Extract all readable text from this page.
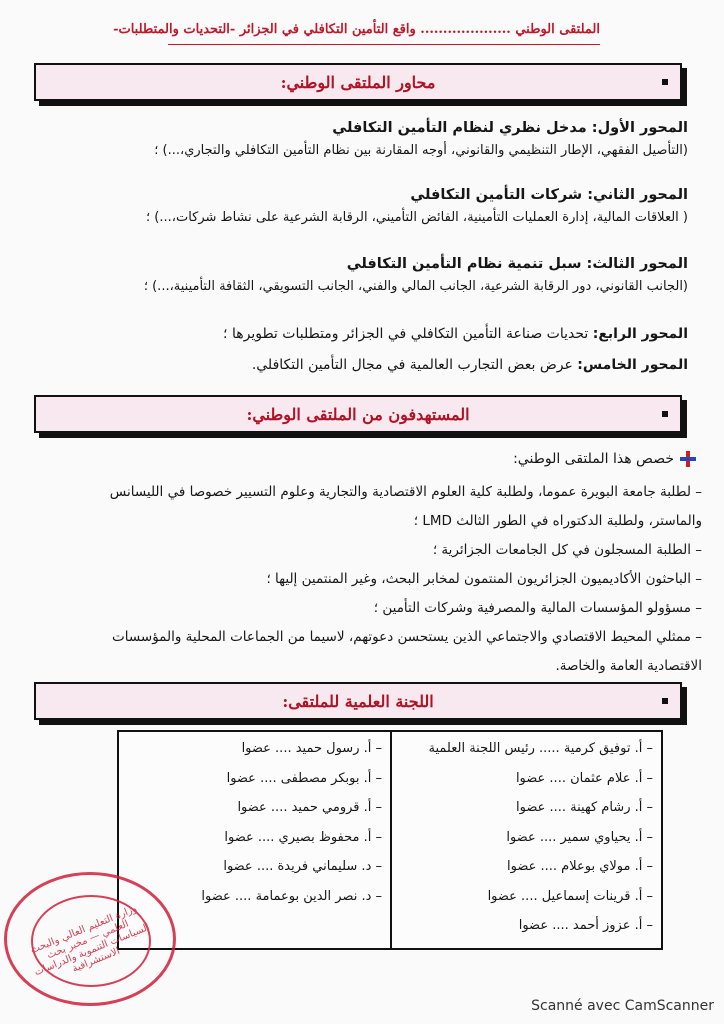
الملتقى الوطني .................... واقع التأمين التكافلي في الجزائر -التحديات والمتطلبات-
محاور الملتقى الوطني:

المحور الأول: مدخل نظري لنظام التأمين التكافلي

(التأصيل الفقهي، الإطار التنظيمي والقانوني، أوجه المقارنة بين نظام التأمين التكافلي والتجاري،...) ؛

المحور الثاني: شركات التأمين التكافلي

( العلاقات المالية، إدارة العمليات التأمينية، الفائض التأميني، الرقابة الشرعية على نشاط شركات،...) ؛

المحور الثالث: سبل تنمية نظام التأمين التكافلي

(الجانب القانوني، دور الرقابة الشرعية، الجانب المالي والفني، الجانب التسويقي، الثقافة التأمينية،...) ؛
المحور الرابع: تحديات صناعة التأمين التكافلي في الجزائر ومتطلبات تطويرها ؛
المحور الخامس: عرض بعض التجارب العالمية في مجال التأمين التكافلي.
المستهدفون من الملتقى الوطني:
خصص هذا الملتقى الوطني:
– لطلبة جامعة البويرة عموما، ولطلبة كلية العلوم الاقتصادية والتجارية وعلوم التسيير خصوصا في الليسانس
والماستر، ولطلبة الدكتوراه في الطور الثالث LMD ؛
– الطلبة المسجلون في كل الجامعات الجزائرية ؛
– الباحثون الأكاديميون الجزائريون المنتمون لمخابر البحث، وغير المنتمين إليها ؛
– مسؤولو المؤسسات المالية والمصرفية وشركات التأمين ؛
– ممثلي المحيط الاقتصادي والاجتماعي الذين يستحسن دعوتهم، لاسيما من الجماعات المحلية والمؤسسات
الاقتصادية العامة والخاصة.
اللجنة العلمية للملتقى:
– أ. توفيق كرمية ..... رئيس اللجنة العلمية
– أ. علام عثمان .... عضوا
– أ. رشام كهينة .... عضوا
– أ. يحياوي سمير .... عضوا
– أ. مولاي بوعلام .... عضوا
– أ. قرينات إسماعيل .... عضوا
– أ. عزوز أحمد .... عضوا
– أ. رسول حميد .... عضوا
– أ. بوبكر مصطفى .... عضوا
– أ. قرومي حميد .... عضوا
– أ. محفوظ بصيري .... عضوا
– د. سليماني فريدة .... عضوا
– د. نصر الدين بوعمامة .... عضوا
وزارة التعليم العالي والبحث العلمي — مخبر بحث السياسات التنموية والدراسات الاستشرافية
Scanné avec CamScanner
